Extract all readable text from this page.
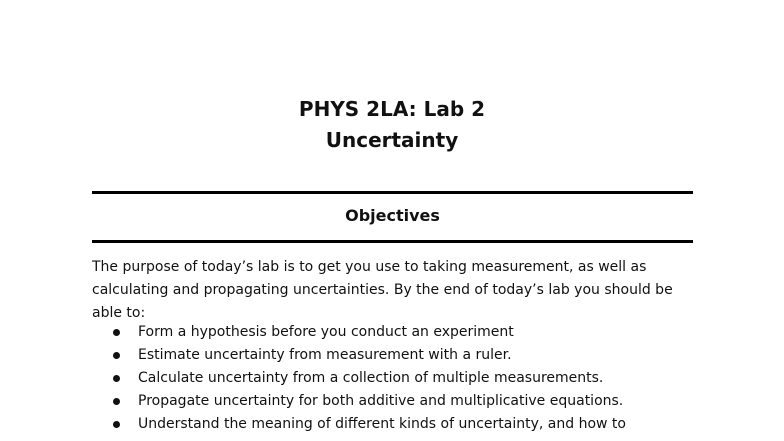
PHYS 2LA: Lab 2
Uncertainty
Objectives

The purpose of today’s lab is to get you use to taking measurement, as well as
calculating and propagating uncertainties. By the end of today’s lab you should be
able to:

Form a hypothesis before you conduct an experiment
Estimate uncertainty from measurement with a ruler.
Calculate uncertainty from a collection of multiple measurements.
Propagate uncertainty for both additive and multiplicative equations.
Understand the meaning of different kinds of uncertainty, and how to
